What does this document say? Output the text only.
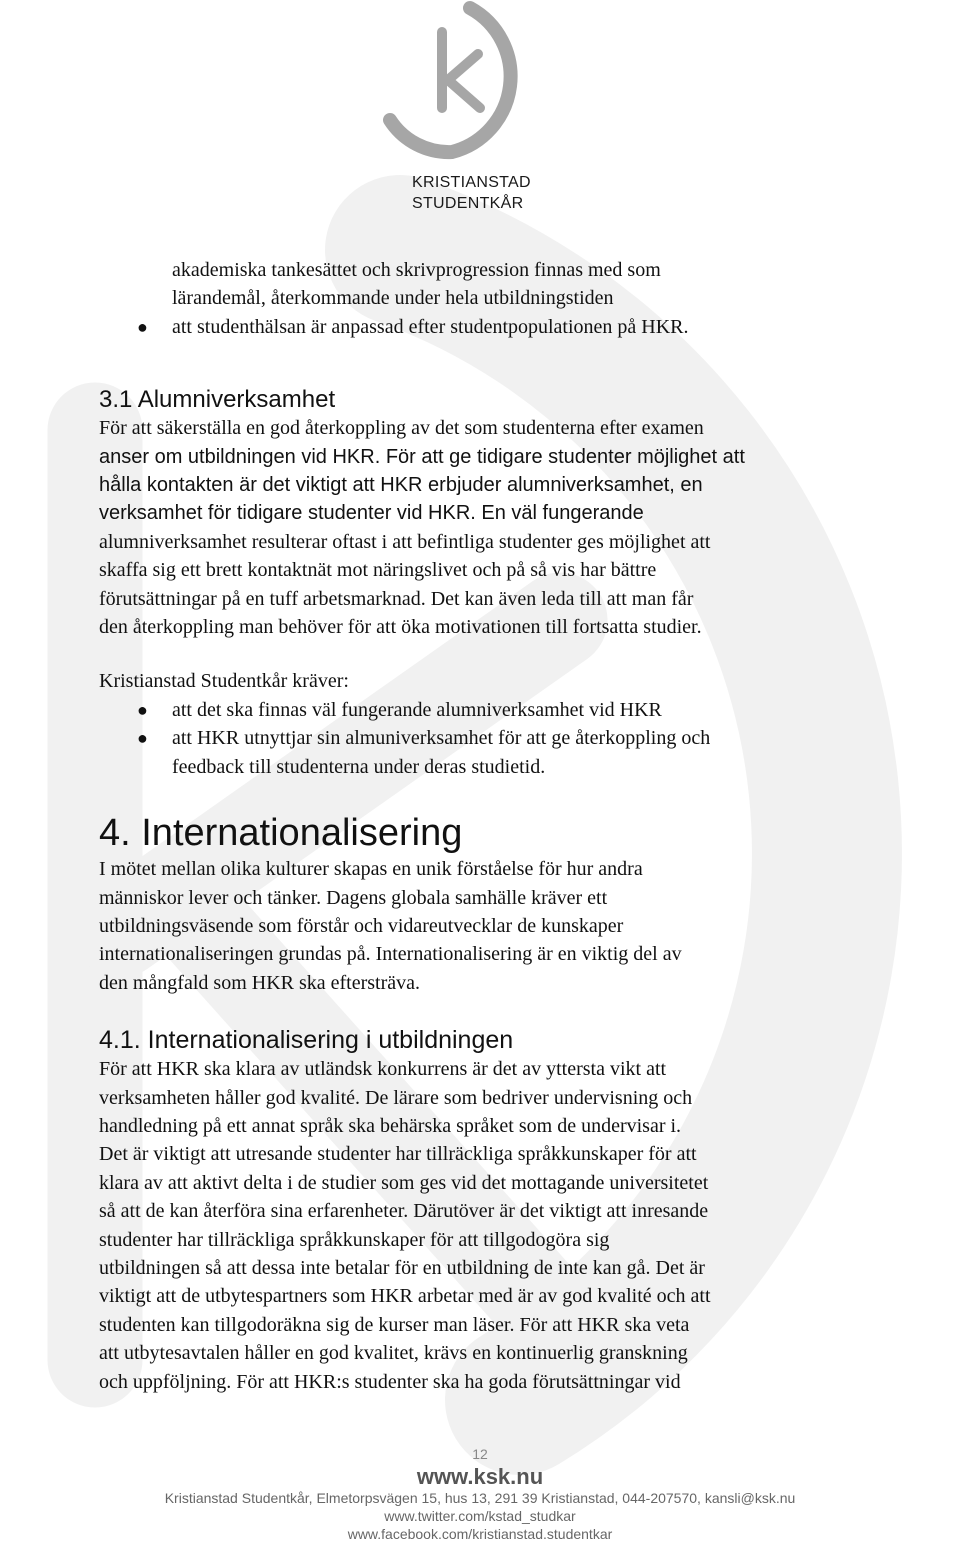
KRISTIANSTAD
STUDENTKÅR

akademiska tankesättet och skrivprogression finnas med som

lärandemål, återkommande under hela utbildningstiden

● att studenthälsan är anpassad efter studentpopulationen på HKR.

3.1 Alumniverksamhet

För att säkerställa en god återkoppling av det som studenterna efter examen

anser om utbildningen vid HKR. För att ge tidigare studenter möjlighet att

hålla kontakten är det viktigt att HKR erbjuder alumniverksamhet, en

verksamhet för tidigare studenter vid HKR. En väl fungerande

alumniverksamhet resulterar oftast i att befintliga studenter ges möjlighet att

skaffa sig ett brett kontaktnät mot näringslivet och på så vis har bättre

förutsättningar på en tuff arbetsmarknad. Det kan även leda till att man får

den återkoppling man behöver för att öka motivationen till fortsatta studier.

Kristianstad Studentkår kräver:

● att det ska finnas väl fungerande alumniverksamhet vid HKR
● att HKR utnyttjar sin almuniverksamhet för att ge återkoppling och
feedback till studenterna under deras studietid.
4. Internationalisering

I mötet mellan olika kulturer skapas en unik förståelse för hur andra

människor lever och tänker. Dagens globala samhälle kräver ett

utbildningsväsende som förstår och vidareutvecklar de kunskaper

internationaliseringen grundas på. Internationalisering är en viktig del av

den mångfald som HKR ska eftersträva.

4.1. Internationalisering i utbildningen

För att HKR ska klara av utländsk konkurrens är det av yttersta vikt att

verksamheten håller god kvalité. De lärare som bedriver undervisning och

handledning på ett annat språk ska behärska språket som de undervisar i.

Det är viktigt att utresande studenter har tillräckliga språkkunskaper för att

klara av att aktivt delta i de studier som ges vid det mottagande universitetet

så att de kan återföra sina erfarenheter. Därutöver är det viktigt att inresande

studenter har tillräckliga språkkunskaper för att tillgodogöra sig

utbildningen så att dessa inte betalar för en utbildning de inte kan gå. Det är

viktigt att de utbytespartners som HKR arbetar med är av god kvalité och att

studenten kan tillgodoräkna sig de kurser man läser. För att HKR ska veta

att utbytesavtalen håller en god kvalitet, krävs en kontinuerlig granskning

och uppföljning. För att HKR:s studenter ska ha goda förutsättningar vid

12
www.ksk.nu
Kristianstad Studentkår, Elmetorpsvägen 15, hus 13, 291 39 Kristianstad, 044-207570, kansli@ksk.nu
www.twitter.com/kstad_studkar
www.facebook.com/kristianstad.studentkar
